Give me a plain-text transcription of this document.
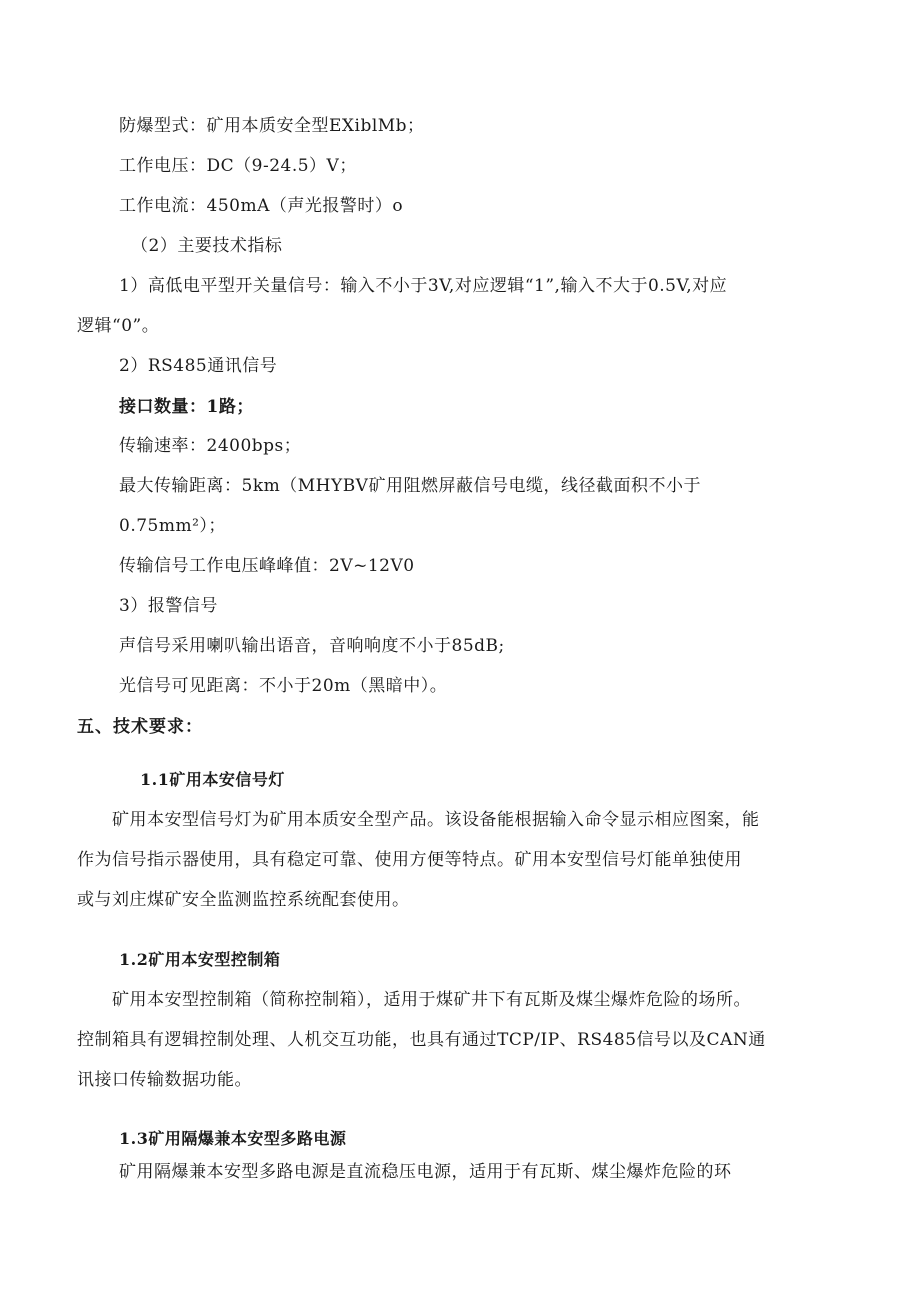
防爆型式：矿用本质安全型EXiblMb；
工作电压：DC（9-24.5）V；
工作电流：450mA（声光报警时）o
（2）主要技术指标
1）高低电平型开关量信号：输入不小于3V,对应逻辑“1”,输入不大于0.5V,对应
逻辑“0”。
2）RS485通讯信号
接口数量：1路；
传输速率：2400bps；
最大传输距离：5km（MHYBV矿用阻燃屏蔽信号电缆，线径截面积不小于
0.75mm²）；
传输信号工作电压峰峰值：2V~12V0
3）报警信号
声信号采用喇叭输出语音，音响响度不小于85dB;
光信号可见距离：不小于20m（黑暗中）。
五、技术要求：
1.1矿用本安信号灯
矿用本安型信号灯为矿用本质安全型产品。该设备能根据输入命令显示相应图案，能
作为信号指示器使用，具有稳定可靠、使用方便等特点。矿用本安型信号灯能单独使用
或与刘庄煤矿安全监测监控系统配套使用。
1.2矿用本安型控制箱
矿用本安型控制箱（简称控制箱），适用于煤矿井下有瓦斯及煤尘爆炸危险的场所。
控制箱具有逻辑控制处理、人机交互功能，也具有通过TCP/IP、RS485信号以及CAN通
讯接口传输数据功能。
1.3矿用隔爆兼本安型多路电源
矿用隔爆兼本安型多路电源是直流稳压电源，适用于有瓦斯、煤尘爆炸危险的环
